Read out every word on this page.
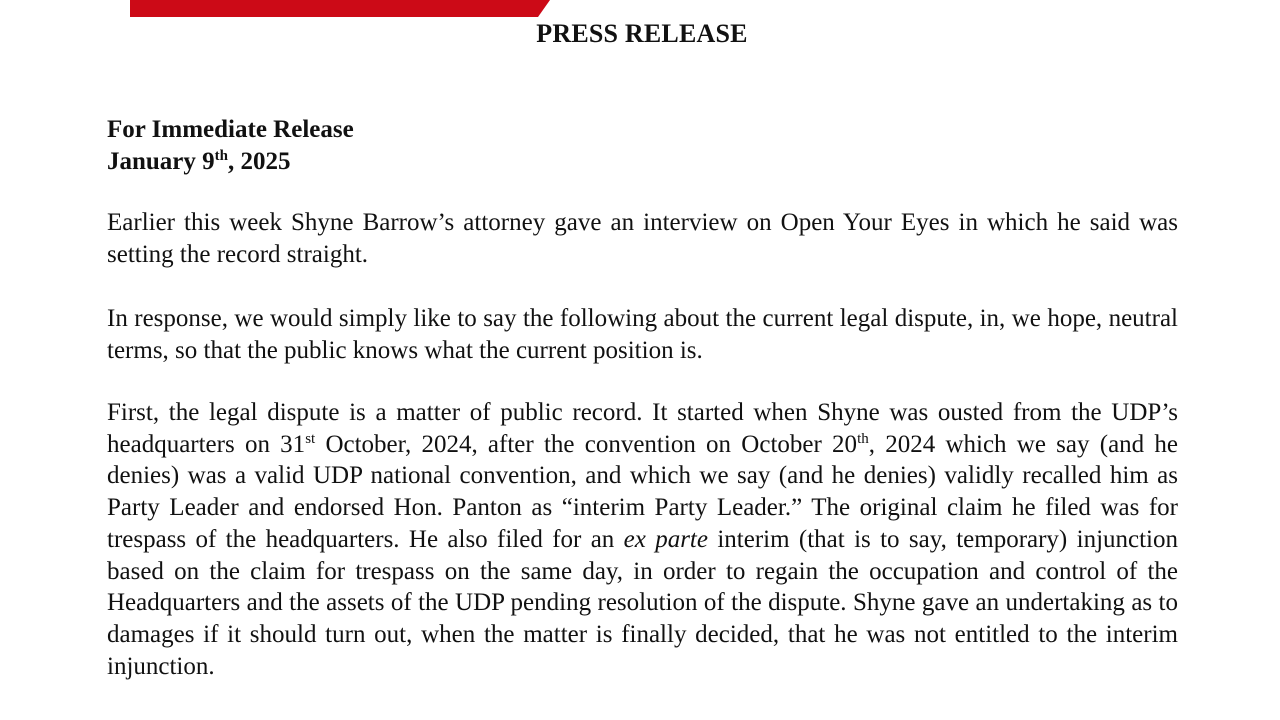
PRESS RELEASE
For Immediate Release
January 9th, 2025

Earlier this week Shyne Barrow’s attorney gave an interview on Open Your Eyes in which he said was setting the record straight.

In response, we would simply like to say the following about the current legal dispute, in, we hope, neutral terms, so that the public knows what the current position is.

First, the legal dispute is a matter of public record. It started when Shyne was ousted from the UDP’s headquarters on 31st October, 2024, after the convention on October 20th, 2024 which we say (and he denies) was a valid UDP national convention, and which we say (and he denies) validly recalled him as Party Leader and endorsed Hon. Panton as “interim Party Leader.” The original claim he filed was for trespass of the headquarters. He also filed for an ex parte interim (that is to say, temporary) injunction based on the claim for trespass on the same day, in order to regain the occupation and control of the Headquarters and the assets of the UDP pending resolution of the dispute. Shyne gave an undertaking as to damages if it should turn out, when the matter is finally decided, that he was not entitled to the interim injunction.
